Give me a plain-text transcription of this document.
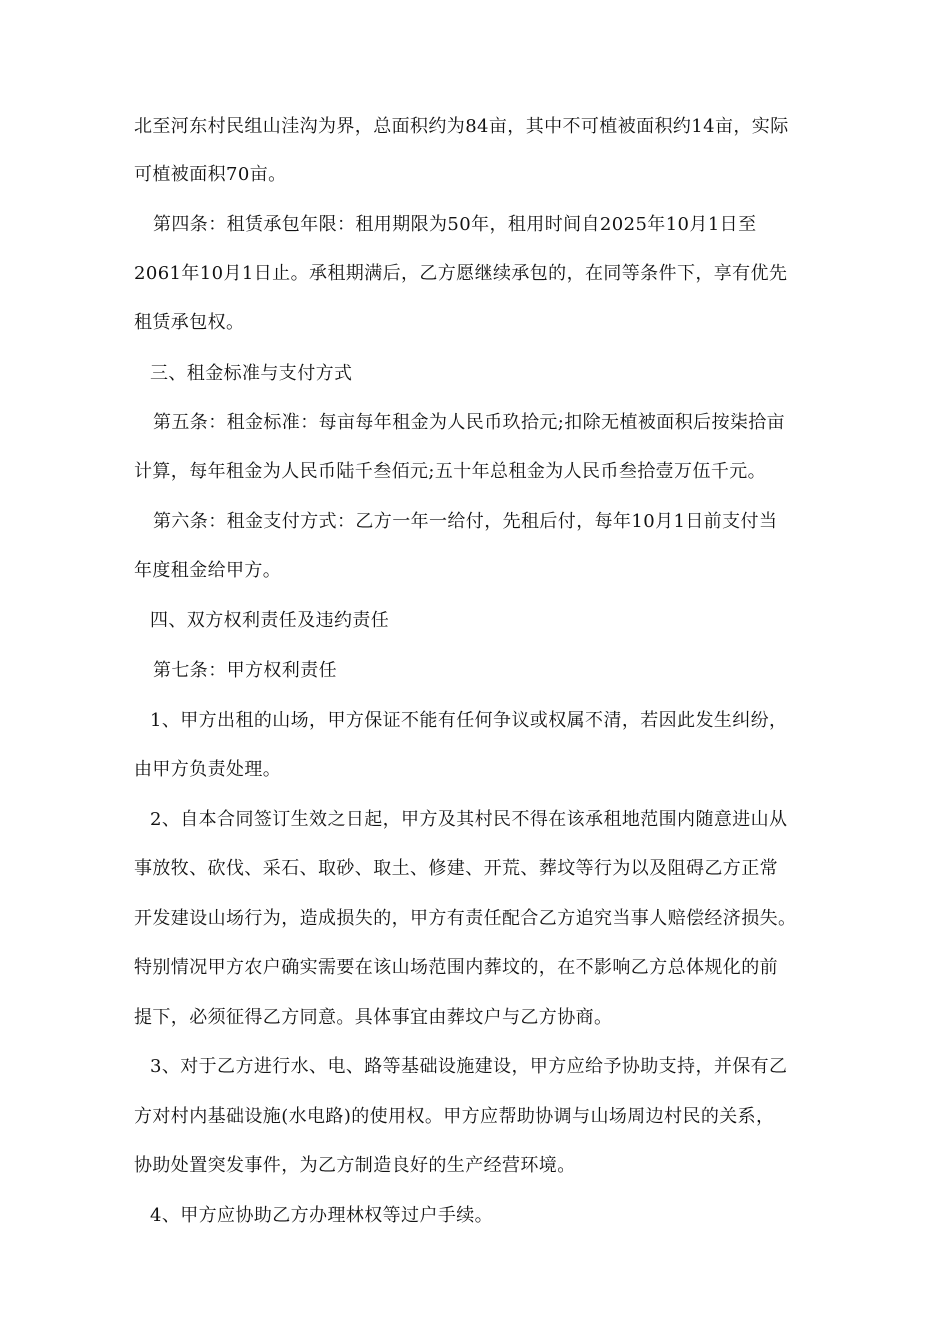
北至河东村民组山洼沟为界，总面积约为84亩，其中不可植被面积约14亩，实际
可植被面积70亩。
第四条：租赁承包年限：租用期限为50年，租用时间自2025年10月1日至
2061年10月1日止。承租期满后，乙方愿继续承包的，在同等条件下，享有优先
租赁承包权。
三、租金标准与支付方式
第五条：租金标准：每亩每年租金为人民币玖拾元;扣除无植被面积后按柒拾亩
计算，每年租金为人民币陆千叁佰元;五十年总租金为人民币叁拾壹万伍千元。
第六条：租金支付方式：乙方一年一给付，先租后付，每年10月1日前支付当
年度租金给甲方。
四、双方权利责任及违约责任
第七条：甲方权利责任
1、甲方出租的山场，甲方保证不能有任何争议或权属不清，若因此发生纠纷，
由甲方负责处理。
2、自本合同签订生效之日起，甲方及其村民不得在该承租地范围内随意进山从
事放牧、砍伐、采石、取砂、取土、修建、开荒、葬坟等行为以及阻碍乙方正常
开发建设山场行为，造成损失的，甲方有责任配合乙方追究当事人赔偿经济损失。
特别情况甲方农户确实需要在该山场范围内葬坟的，在不影响乙方总体规化的前
提下，必须征得乙方同意。具体事宜由葬坟户与乙方协商。
3、对于乙方进行水、电、路等基础设施建设，甲方应给予协助支持，并保有乙
方对村内基础设施(水电路)的使用权。甲方应帮助协调与山场周边村民的关系，
协助处置突发事件，为乙方制造良好的生产经营环境。
4、甲方应协助乙方办理林权等过户手续。
